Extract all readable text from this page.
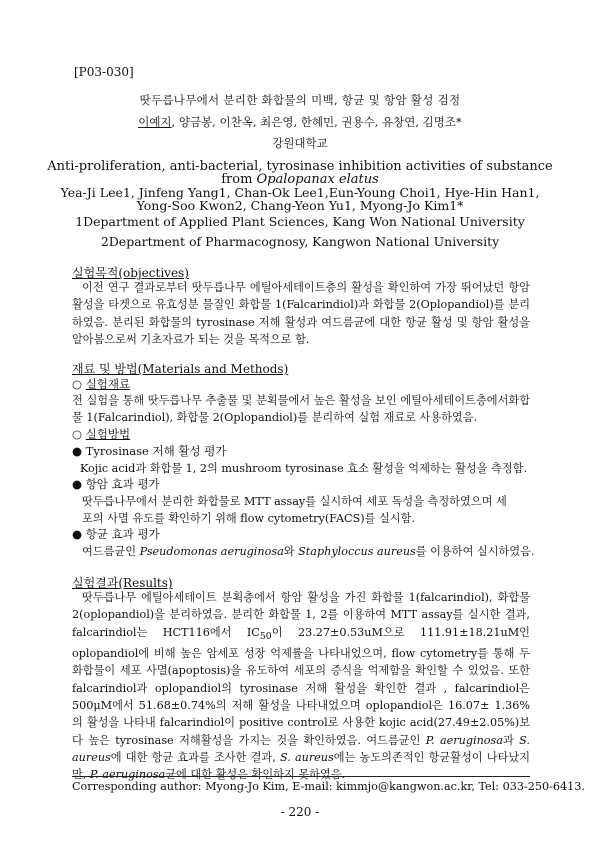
[P03-030]
땃두릅나무에서 분리한 화합물의 미백, 항균 및 항암 활성 검정
이예지, 양금봉, 이찬옥, 최은영, 한혜민, 권용수, 유창연, 김명조*
강원대학교
Anti-proliferation, anti-bacterial, tyrosinase inhibition activities of substance
from Opalopanax elatus
Yea-Ji Lee1, Jinfeng Yang1, Chan-Ok Lee1,Eun-Young Choi1, Hye-Hin Han1,
Yong-Soo Kwon2, Chang-Yeon Yu1, Myong-Jo Kim1*
1Department of Applied Plant Sciences, Kang Won National University
2Department of Pharmacognosy, Kangwon National University
실험목적(objectives)
이전 연구 결과로부터 땃두릅나무 에틸아세테이트층의 활성을 확인하여 가장 뛰어났던 항암 활성을 타겟으로 유효성분 물질인 화합물 1(Falcarindiol)과 화합물 2(Oplopandiol)를 분리하였음. 분리된 화합물의 tyrosinase 저해 활성과 여드름균에 대한 항균 활성 및 항암 활성을 알아봄으로써 기초자료가 되는 것을 목적으로 함.
재료 및 방법(Materials and Methods)
○ 실험재료
전 실험을 통해 땃두릅나무 추출물 및 분획물에서 높은 활성을 보인 에틸아세테이트층에서화합물 1(Falcarindiol), 화합물 2(Oplopandiol)를 분리하여 실험 재료로 사용하였음.
○ 실험방법
● Tyrosinase 저해 활성 평가
Kojic acid과 화합물 1, 2의 mushroom tyrosinase 효소 활성을 억제하는 활성을 측정함.
● 항암 효과 평가
땃두릅나무에서 분리한 화합물로 MTT assay를 실시하여 세포 독성을 측정하였으며 세
포의 사멸 유도를 확인하기 위해 flow cytometry(FACS)를 실시함.
● 항균 효과 평가
여드름균인 Pseudomonas aeruginosa와 Staphyloccus aureus를 이용하여 실시하였음.
실험결과(Results)
땃두릅나무 에틸아세테이트 분획층에서 항암 활성을 가진 화합물 1(falcarindiol), 화합물 2(oplopandiol)을 분리하였음. 분리한 화합물 1, 2를 이용하여 MTT assay를 실시한 결과, falcarindiol는 HCT116에서 $IC_{50}$이 23.27±0.53uM으로 111.91±18.21uM인 oplopandiol에 비해 높은 암세포 성장 억제률을 나타내었으며, flow cytometry를 통해 두 화합물이 세포 사멸(apoptosis)을 유도하여 세포의 증식을 억제함을 확인할 수 있었음. 또한 falcarindiol과 oplopandiol의 tyrosinase 저해 활성을 확인한 결과 , falcarindiol은 500μM에서 51.68±0.74%의 저해 활성을 나타내었으며 oplopandiol은 16.07± 1.36%의 활성을 나타내 falcarindiol이 positive control로 사용한 kojic acid(27.49±2.05%)보다 높은 tyrosinase 저해활성을 가지는 것을 확인하였음. 여드름균인 P. aeruginosa과 S. aureus에 대한 항균 효과를 조사한 결과, S. aureus에는 농도의존적인 항균활성이 나타났지만, P. aeruginosa균에 대한 활성은 확인하지 못하였음.
Corresponding author: Myong-Jo Kim, E-mail: kimmjo@kangwon.ac.kr, Tel: 033-250-6413.
- 220 -
